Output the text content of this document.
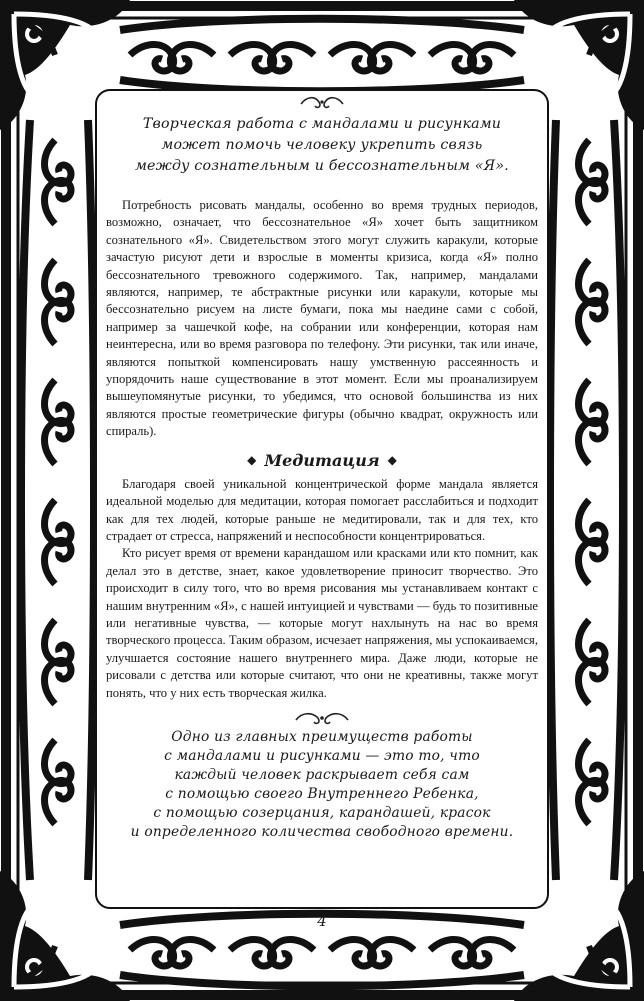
Творческая работа с мандалами и рисунками
может помочь человеку укрепить связь
между сознательным и бессознательным «Я».

Потребность рисовать мандалы, особенно во время трудных периодов, возможно, означает, что бессознательное «Я» хочет быть защитником сознательного «Я». Свидетельством этого могут служить каракули, которые зачастую рисуют дети и взрослые в моменты кризиса, когда «Я» полно бессознательного тревожного содержимого. Так, например, мандалами являются, например, те абстрактные рисунки или каракули, которые мы бессознательно рисуем на листе бумаги, пока мы наедине сами с собой, например за чашечкой кофе, на собрании или конференции, которая нам неинтересна, или во время разговора по телефону. Эти рисунки, так или иначе, являются попыткой компенсировать нашу умственную рассеянность и упорядочить наше существование в этот момент. Если мы проанализируем вышеупомянутые рисунки, то убедимся, что основой большинства из них являются простые геометрические фигуры (обычно квадрат, окружность или спираль).

◆ Медитация ◆

Благодаря своей уникальной концентрической форме мандала является идеальной моделью для медитации, которая помогает расслабиться и подходит как для тех людей, которые раньше не медитировали, так и для тех, кто страдает от стресса, напряжений и неспособности концентрироваться.

Кто рисует время от времени карандашом или красками или кто помнит, как делал это в детстве, знает, какое удовлетворение приносит творчество. Это происходит в силу того, что во время рисования мы устанавливаем контакт с нашим внутренним «Я», с нашей интуицией и чувствами — будь то позитивные или негативные чувства, — которые могут нахлынуть на нас во время творческого процесса. Таким образом, исчезает напряжения, мы успокаиваемся, улучшается состояние нашего внутреннего мира. Даже люди, которые не рисовали с детства или которые считают, что они не креативны, также могут понять, что у них есть творческая жилка.

Одно из главных преимуществ работы
с мандалами и рисунками — это то, что
каждый человек раскрывает себя сам
с помощью своего Внутреннего Ребенка,
с помощью созерцания, карандашей, красок
и определенного количества свободного времени.
4
